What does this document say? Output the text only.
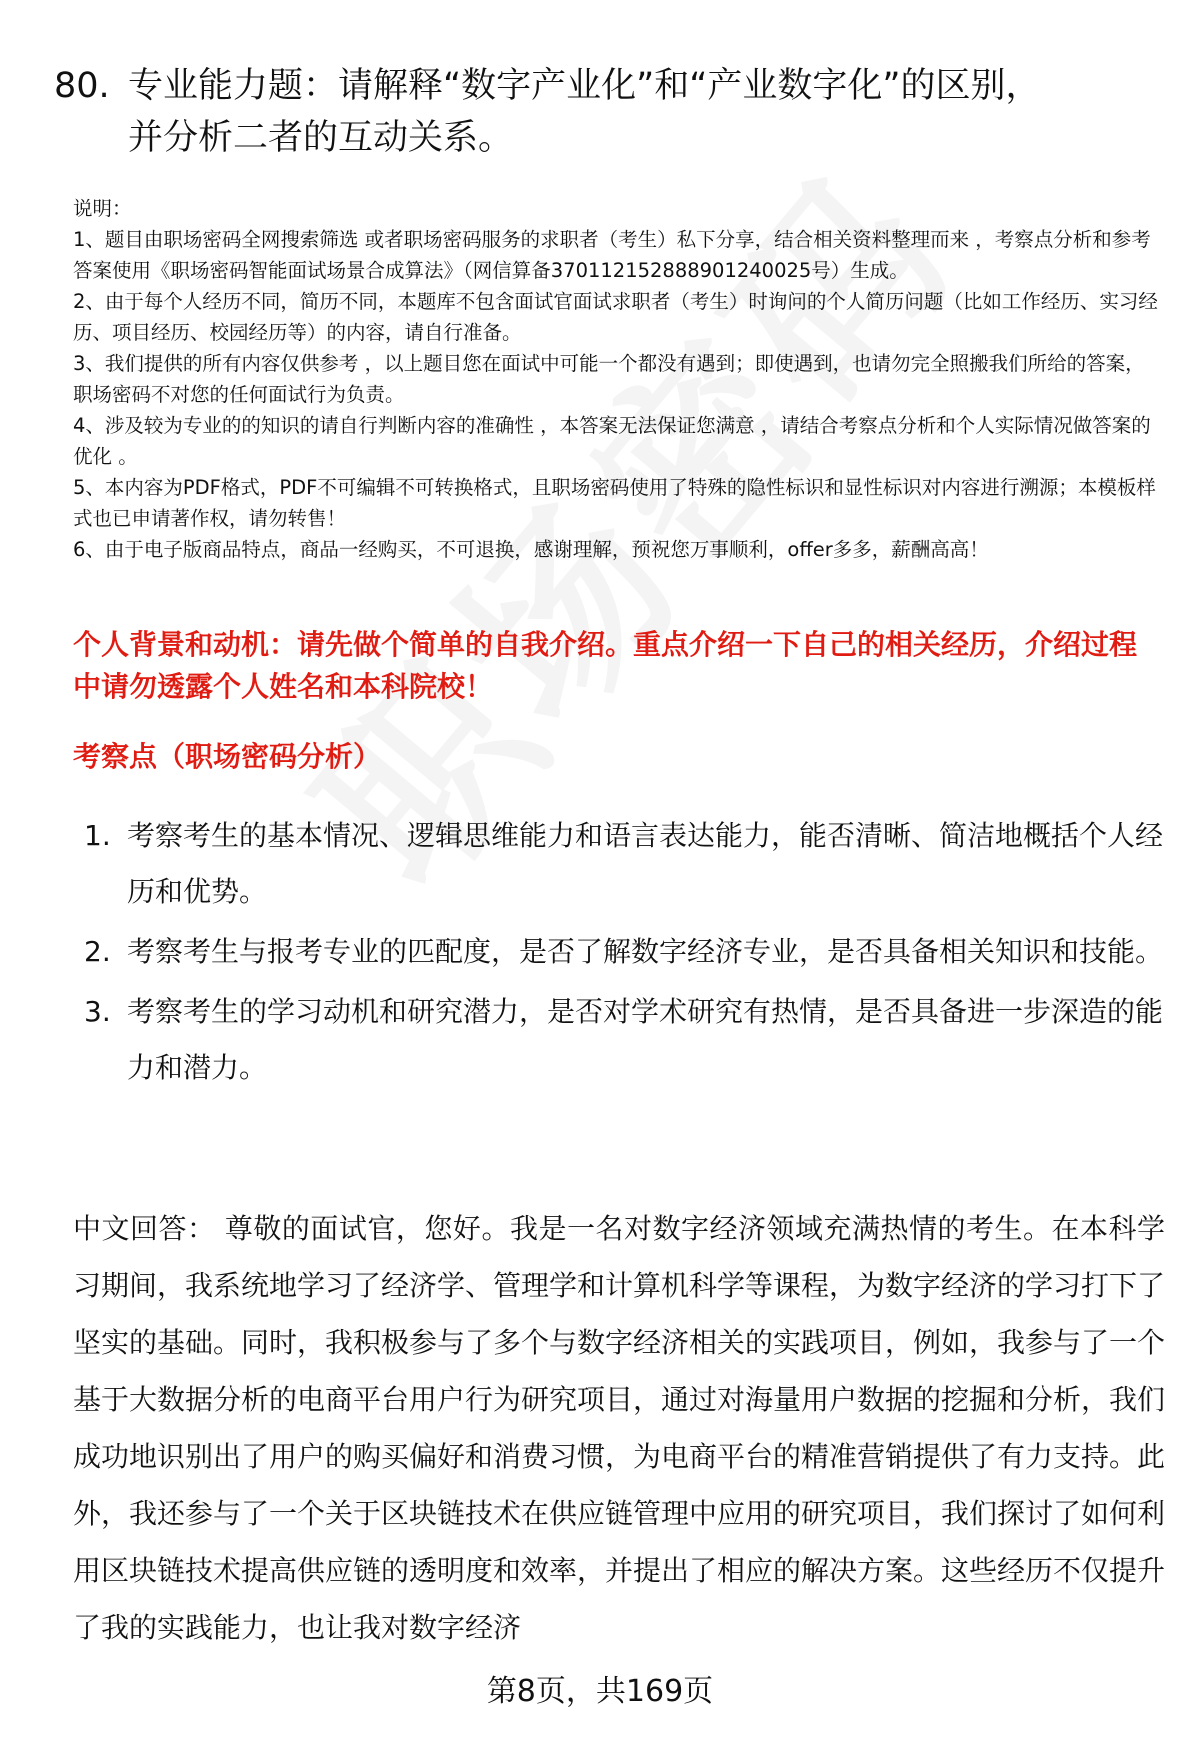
80. 专业能力题：请解释“数字产业化”和“产业数字化”的区别，
并分析二者的互动关系。

说明：

1、题目由职场密码全网搜索筛选 或者职场密码服务的求职者（考生）私下分享，结合相关资料整理而来 ，考察点分析和参考答案使用《职场密码智能面试场景合成算法》（网信算备37011215288890124​0025号）生成。

2、由于每个人经历不同，简历不同，本题库不包含面试官面试求职者（考生）时询问的个人简历问题（比如工作经历、实习经历、项目经历、校园经历等）的内容，请自行准备。

3、我们提供的所有内容仅供参考 ，以上题目您在面试中可能一个都没有遇到；即使遇到，也请勿完全照搬我们所给的答案，职场密码不对您的任何面试行为负责。

4、涉及较为专业的的知识的请自行判断内容的准确性 ，本答案无法保证您满意 ，请结合考察点分析和个人实际情况做答案的优化 。

5、本内容为PDF格式，PDF不可编辑不可转换格式，且职场密码使用了特殊的隐性标识和显性标识对内容进行溯源；本模板样式也已申请著作权，请勿转售！

6、由于电子版商品特点，商品一经购买，不可退换，感谢理解，预祝您万事顺利，offer多多，薪酬高高！

个人背景和动机：请先做个简单的自我介绍。重点介绍一下自己的相关经历，介绍过程中请勿透露个人姓名和本科院校！

考察点（职场密码分析）

1. 考察考生的基本情况、逻辑思维能力和语言表达能力，能否清晰、简洁地概括个人经历和优势。
2. 考察考生与报考专业的匹配度，是否了解数字经济专业，是否具备相关知识和技能。
3. 考察考生的学习动机和研究潜力，是否对学术研究有热情，是否具备进一步深造的能力和潜力。

中文回答： 尊敬的面试官，您好。我是一名对数字经济领域充满热情的考生。在本科学习期间，我系统地学习了经济学、管理学和计算机科学等课程，为数字经济的学习打下了坚实的基础。同时，我积极参与了多个与数字经济相关的实践项目，例如，我参与了一个基于大数据分析的电商平台用户行为研究项目，通过对海量用户数据的挖掘和分析，我们成功地识别出了用户的购买偏好和消费习惯，为电商平台的精准营销提供了有力支持。此外，我还参与了一个关于区块链技术在供应链管理中应用的研究项目，我们探讨了如何利用区块链技术提高供应链的透明度和效率，并提出了相应的解决方案。这些经历不仅提升了我的实践能力，也让我对数字经济

第8页，共169页
